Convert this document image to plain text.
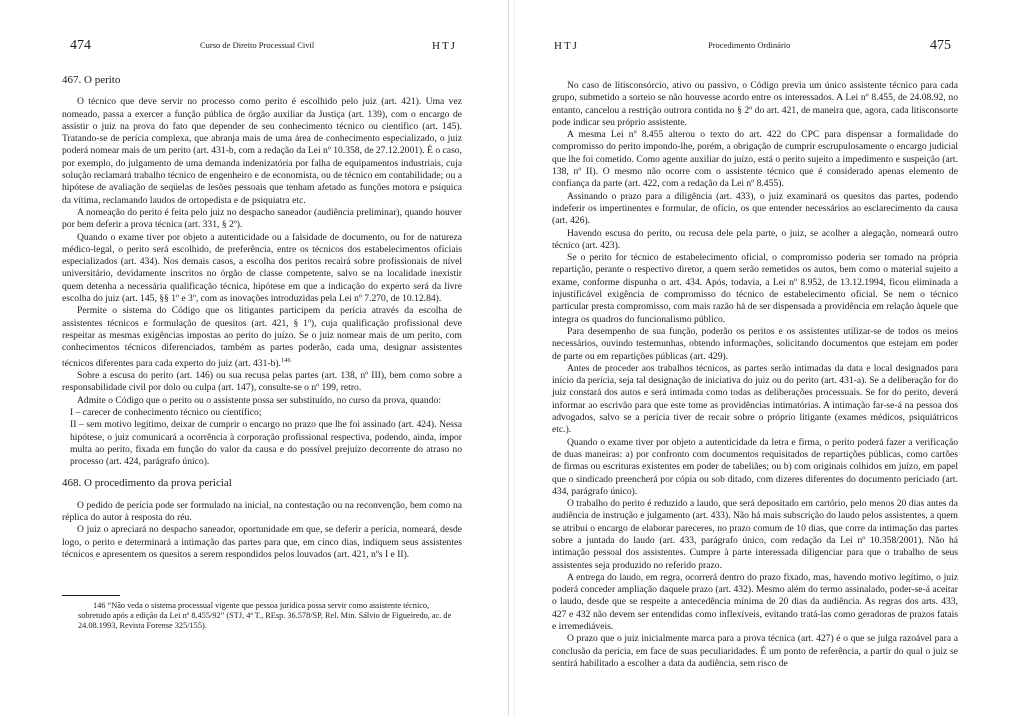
474	Curso de Direito Processual Civil	HTJ
467. O perito

O técnico que deve servir no processo como perito é escolhido pelo juiz (art. 421). Uma vez nomeado, passa a exercer a função pública de órgão auxiliar da Justiça (art. 139), com o encargo de assistir o juiz na prova do fato que depender de seu conhecimento técnico ou científico (art. 145). Tratando-se de perícia complexa, que abranja mais de uma área de conhecimento especializado, o juiz poderá nomear mais de um perito (art. 431-b, com a redação da Lei nº 10.358, de 27.12.2001). É o caso, por exemplo, do julgamento de uma demanda indenizatória por falha de equipamentos industriais, cuja solução reclamará trabalho técnico de engenheiro e de economista, ou de técnico em contabilidade; ou a hipótese de avaliação de seqüelas de lesões pessoais que tenham afetado as funções motora e psíquica da vítima, reclamando laudos de ortopedista e de psiquiatra etc.

A nomeação do perito é feita pelo juiz no despacho saneador (audiência preliminar), quando houver por bem deferir a prova técnica (art. 331, § 2º).

Quando o exame tiver por objeto a autenticidade ou a falsidade de documento, ou for de natureza médico-legal, o perito será escolhido, de preferência, entre os técnicos dos estabelecimentos oficiais especializados (art. 434). Nos demais casos, a escolha dos peritos recairá sobre profissionais de nível universitário, devidamente inscritos no órgão de classe competente, salvo se na localidade inexistir quem detenha a necessária qualificação técnica, hipótese em que a indicação do experto será da livre escolha do juiz (art. 145, §§ 1º e 3º, com as inovações introduzidas pela Lei nº 7.270, de 10.12.84).

Permite o sistema do Código que os litigantes participem da perícia através da escolha de assistentes técnicos e formulação de quesitos (art. 421, § 1º), cuja qualificação profissional deve respeitar as mesmas exigências impostas ao perito do juízo. Se o juiz nomear mais de um perito, com conhecimentos técnicos diferenciados, também as partes poderão, cada uma, designar assistentes técnicos diferentes para cada experto do juiz (art. 431-b).$^{146}$

Sobre a escusa do perito (art. 146) ou sua recusa pelas partes (art. 138, nº III), bem como sobre a responsabilidade civil por dolo ou culpa (art. 147), consulte-se o nº 199, retro.

Admite o Código que o perito ou o assistente possa ser substituído, no curso da prova, quando:

I – carecer de conhecimento técnico ou científico;

II – sem motivo legítimo, deixar de cumprir o encargo no prazo que lhe foi assinado (art. 424). Nessa hipótese, o juiz comunicará a ocorrência à corporação profissional respectiva, podendo, ainda, impor multa ao perito, fixada em função do valor da causa e do possível prejuízo decorrente do atraso no processo (art. 424, parágrafo único).

468. O procedimento da prova pericial

O pedido de perícia pode ser formulado na inicial, na contestação ou na reconvenção, bem como na réplica do autor à resposta do réu.

O juiz o apreciará no despacho saneador, oportunidade em que, se deferir a perícia, nomeará, desde logo, o perito e determinará a intimação das partes para que, em cinco dias, indiquem seus assistentes técnicos e apresentem os quesitos a serem respondidos pelos louvados (art. 421, nºs I e II).

146 “Não veda o sistema processual vigente que pessoa jurídica possa servir como assistente técnico, sobretudo após a edição da Lei nº 8.455/92” (STJ, 4ª T., REsp. 36.578/SP, Rel. Min. Sálvio de Figueiredo, ac. de 24.08.1993, Revista Forense 325/155).

HTJ	Procedimento Ordinário	475

No caso de litisconsórcio, ativo ou passivo, o Código previa um único assistente técnico para cada grupo, submetido a sorteio se não houvesse acordo entre os interessados. A Lei nº 8.455, de 24.08.92, no entanto, cancelou a restrição outrora contida no § 2º do art. 421, de maneira que, agora, cada litisconsorte pode indicar seu próprio assistente.

A mesma Lei nº 8.455 alterou o texto do art. 422 do CPC para dispensar a formalidade do compromisso do perito impondo-lhe, porém, a obrigação de cumprir escrupulosamente o encargo judicial que lhe foi cometido. Como agente auxiliar do juízo, está o perito sujeito a impedimento e suspeição (art. 138, nº II). O mesmo não ocorre com o assistente técnico que é considerado apenas elemento de confiança da parte (art. 422, com a redação da Lei nº 8.455).

Assinando o prazo para a diligência (art. 433), o juiz examinará os quesitos das partes, podendo indeferir os impertinentes e formular, de ofício, os que entender necessários ao esclarecimento da causa (art. 426).

Havendo escusa do perito, ou recusa dele pela parte, o juiz, se acolher a alegação, nomeará outro técnico (art. 423).

Se o perito for técnico de estabelecimento oficial, o compromisso poderia ser tomado na própria repartição, perante o respectivo diretor, a quem serão remetidos os autos, bem como o material sujeito a exame, conforme dispunha o art. 434. Após, todavia, a Lei nº 8.952, de 13.12.1994, ficou eliminada a injustificável exigência de compromisso do técnico de estabelecimento oficial. Se nem o técnico particular presta compromisso, com mais razão há de ser dispensada a providência em relação àquele que integra os quadros do funcionalismo público.

Para desempenho de sua função, poderão os peritos e os assistentes utilizar-se de todos os meios necessários, ouvindo testemunhas, obtendo informações, solicitando documentos que estejam em poder de parte ou em repartições públicas (art. 429).

Antes de proceder aos trabalhos técnicos, as partes serão intimadas da data e local designados para início da perícia, seja tal designação de iniciativa do juiz ou do perito (art. 431-a). Se a deliberação for do juiz constará dos autos e será intimada como todas as deliberações processuais. Se for do perito, deverá informar ao escrivão para que este tome as providências intimatórias. A intimação far-se-á na pessoa dos advogados, salvo se a perícia tiver de recair sobre o próprio litigante (exames médicos, psiquiátricos etc.).

Quando o exame tiver por objeto a autenticidade da letra e firma, o perito poderá fazer a verificação de duas maneiras: a) por confronto com documentos requisitados de repartições públicas, como cartões de firmas ou escrituras existentes em poder de tabeliães; ou b) com originais colhidos em juízo, em papel que o sindicado preencherá por cópia ou sob ditado, com dizeres diferentes do documento periciado (art. 434, parágrafo único).

O trabalho do perito é reduzido a laudo, que será depositado em cartório, pelo menos 20 dias antes da audiência de instrução e julgamento (art. 433). Não há mais subscrição do laudo pelos assistentes, a quem se atribui o encargo de elaborar pareceres, no prazo comum de 10 dias, que corre da intimação das partes sobre a juntada do laudo (art. 433, parágrafo único, com redação da Lei nº 10.358/2001). Não há intimação pessoal dos assistentes. Cumpre à parte interessada diligenciar para que o trabalho de seus assistentes seja produzido no referido prazo.

A entrega do laudo, em regra, ocorrerá dentro do prazo fixado, mas, havendo motivo legítimo, o juiz poderá conceder ampliação daquele prazo (art. 432). Mesmo além do termo assinalado, poder-se-á aceitar o laudo, desde que se respeite a antecedência mínima de 20 dias da audiência. As regras dos arts. 433, 427 e 432 não devem ser entendidas como inflexíveis, evitando tratá-las como geradoras de prazos fatais e irremediáveis.

O prazo que o juiz inicialmente marca para a prova técnica (art. 427) é o que se julga razoável para a conclusão da perícia, em face de suas peculiaridades. É um ponto de referência, a partir do qual o juiz se sentirá habilitado a escolher a data da audiência, sem risco de
